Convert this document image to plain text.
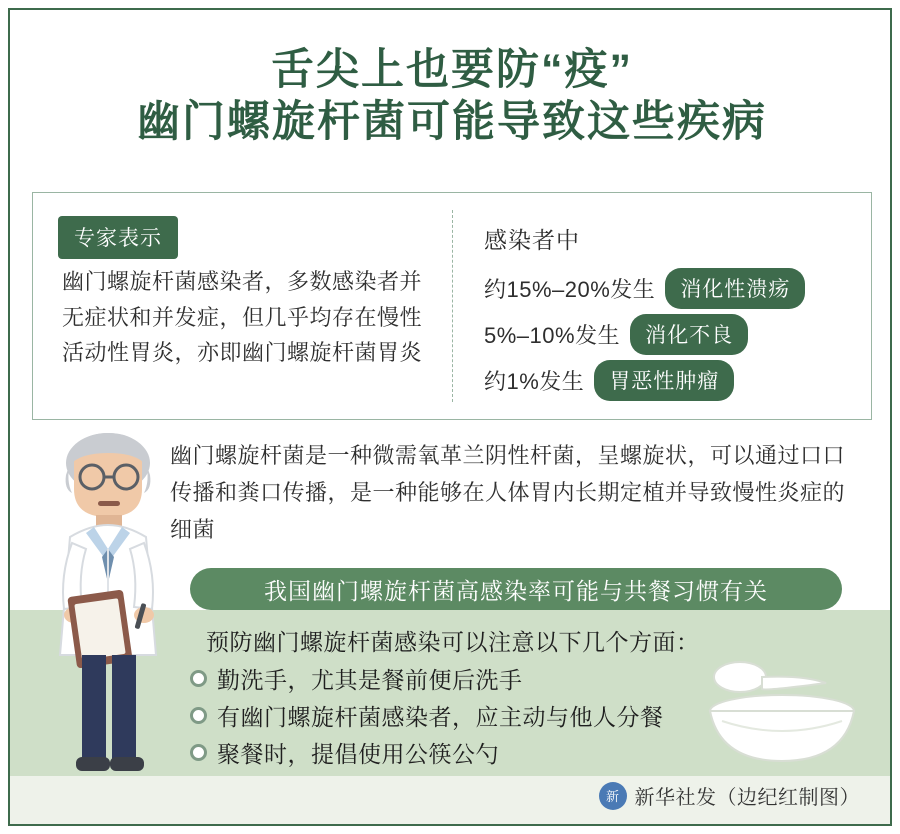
舌尖上也要防“疫”
幽门螺旋杆菌可能导致这些疾病
专家表示
幽门螺旋杆菌感染者，多数感染者并无症状和并发症，但几乎均存在慢性活动性胃炎，亦即幽门螺旋杆菌胃炎
感染者中
约15%–20%发生	消化性溃疡
5%–10%发生	消化不良
约1%发生	胃恶性肿瘤
幽门螺旋杆菌是一种微需氧革兰阴性杆菌，呈螺旋状，可以通过口口传播和粪口传播，是一种能够在人体胃内长期定植并导致慢性炎症的细菌
我国幽门螺旋杆菌高感染率可能与共餐习惯有关
预防幽门螺旋杆菌感染可以注意以下几个方面：
勤洗手，尤其是餐前便后洗手
有幽门螺旋杆菌感染者，应主动与他人分餐
聚餐时，提倡使用公筷公勺
新 新华社发（边纪红制图）
